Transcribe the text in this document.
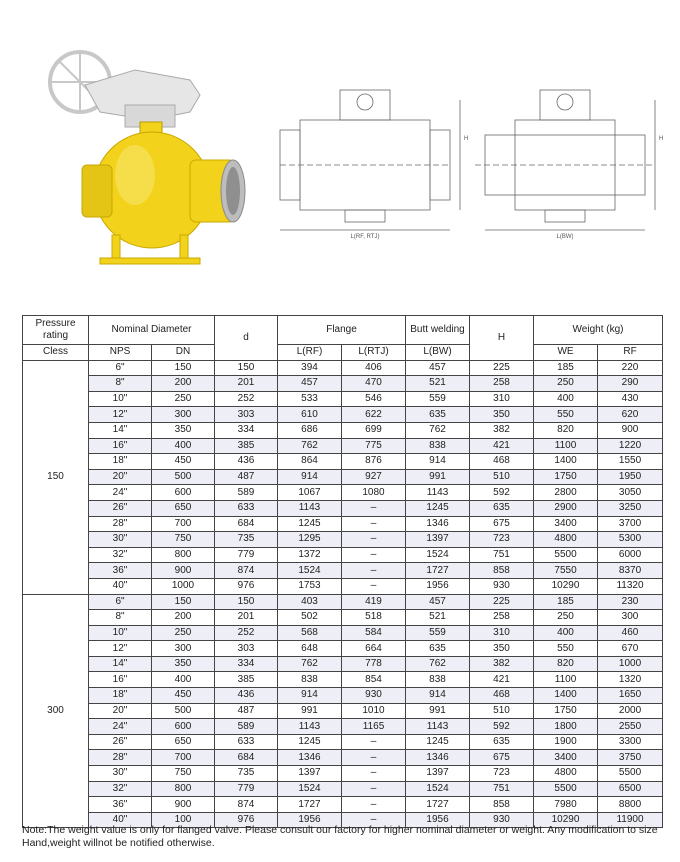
L(RF, RTJ)
H
L(BW)
H
Pressure rating	Nominal Diameter		d	Flange		Butt welding	H	Weight (kg)	
Cless	NPS	DN		L(RF)	L(RTJ)	L(BW)		WE	RF
150	6"	150	150	394	406	457	225	185	220
	8"	200	201	457	470	521	258	250	290
	10"	250	252	533	546	559	310	400	430
	12"	300	303	610	622	635	350	550	620
	14"	350	334	686	699	762	382	820	900
	16"	400	385	762	775	838	421	1100	1220
	18"	450	436	864	876	914	468	1400	1550
	20"	500	487	914	927	991	510	1750	1950
	24"	600	589	1067	1080	1143	592	2800	3050
	26"	650	633	1143	–	1245	635	2900	3250
	28"	700	684	1245	–	1346	675	3400	3700
	30"	750	735	1295	–	1397	723	4800	5300
	32"	800	779	1372	–	1524	751	5500	6000
	36"	900	874	1524	–	1727	858	7550	8370
	40"	1000	976	1753	–	1956	930	10290	11320
300	6"	150	150	403	419	457	225	185	230
	8"	200	201	502	518	521	258	250	300
	10"	250	252	568	584	559	310	400	460
	12"	300	303	648	664	635	350	550	670
	14"	350	334	762	778	762	382	820	1000
	16"	400	385	838	854	838	421	1100	1320
	18"	450	436	914	930	914	468	1400	1650
	20"	500	487	991	1010	991	510	1750	2000
	24"	600	589	1143	1165	1143	592	1800	2550
	26"	650	633	1245	–	1245	635	1900	3300
	28"	700	684	1346	–	1346	675	3400	3750
	30"	750	735	1397	–	1397	723	4800	5500
	32"	800	779	1524	–	1524	751	5500	6500
	36"	900	874	1727	–	1727	858	7980	8800
	40"	100	976	1956	–	1956	930	10290	11900
Note:The weight value is only for flanged valve. Please consult our factory for higher nominal diameter or weight. Any modification to size Hand,weight willnot be notified otherwise.
